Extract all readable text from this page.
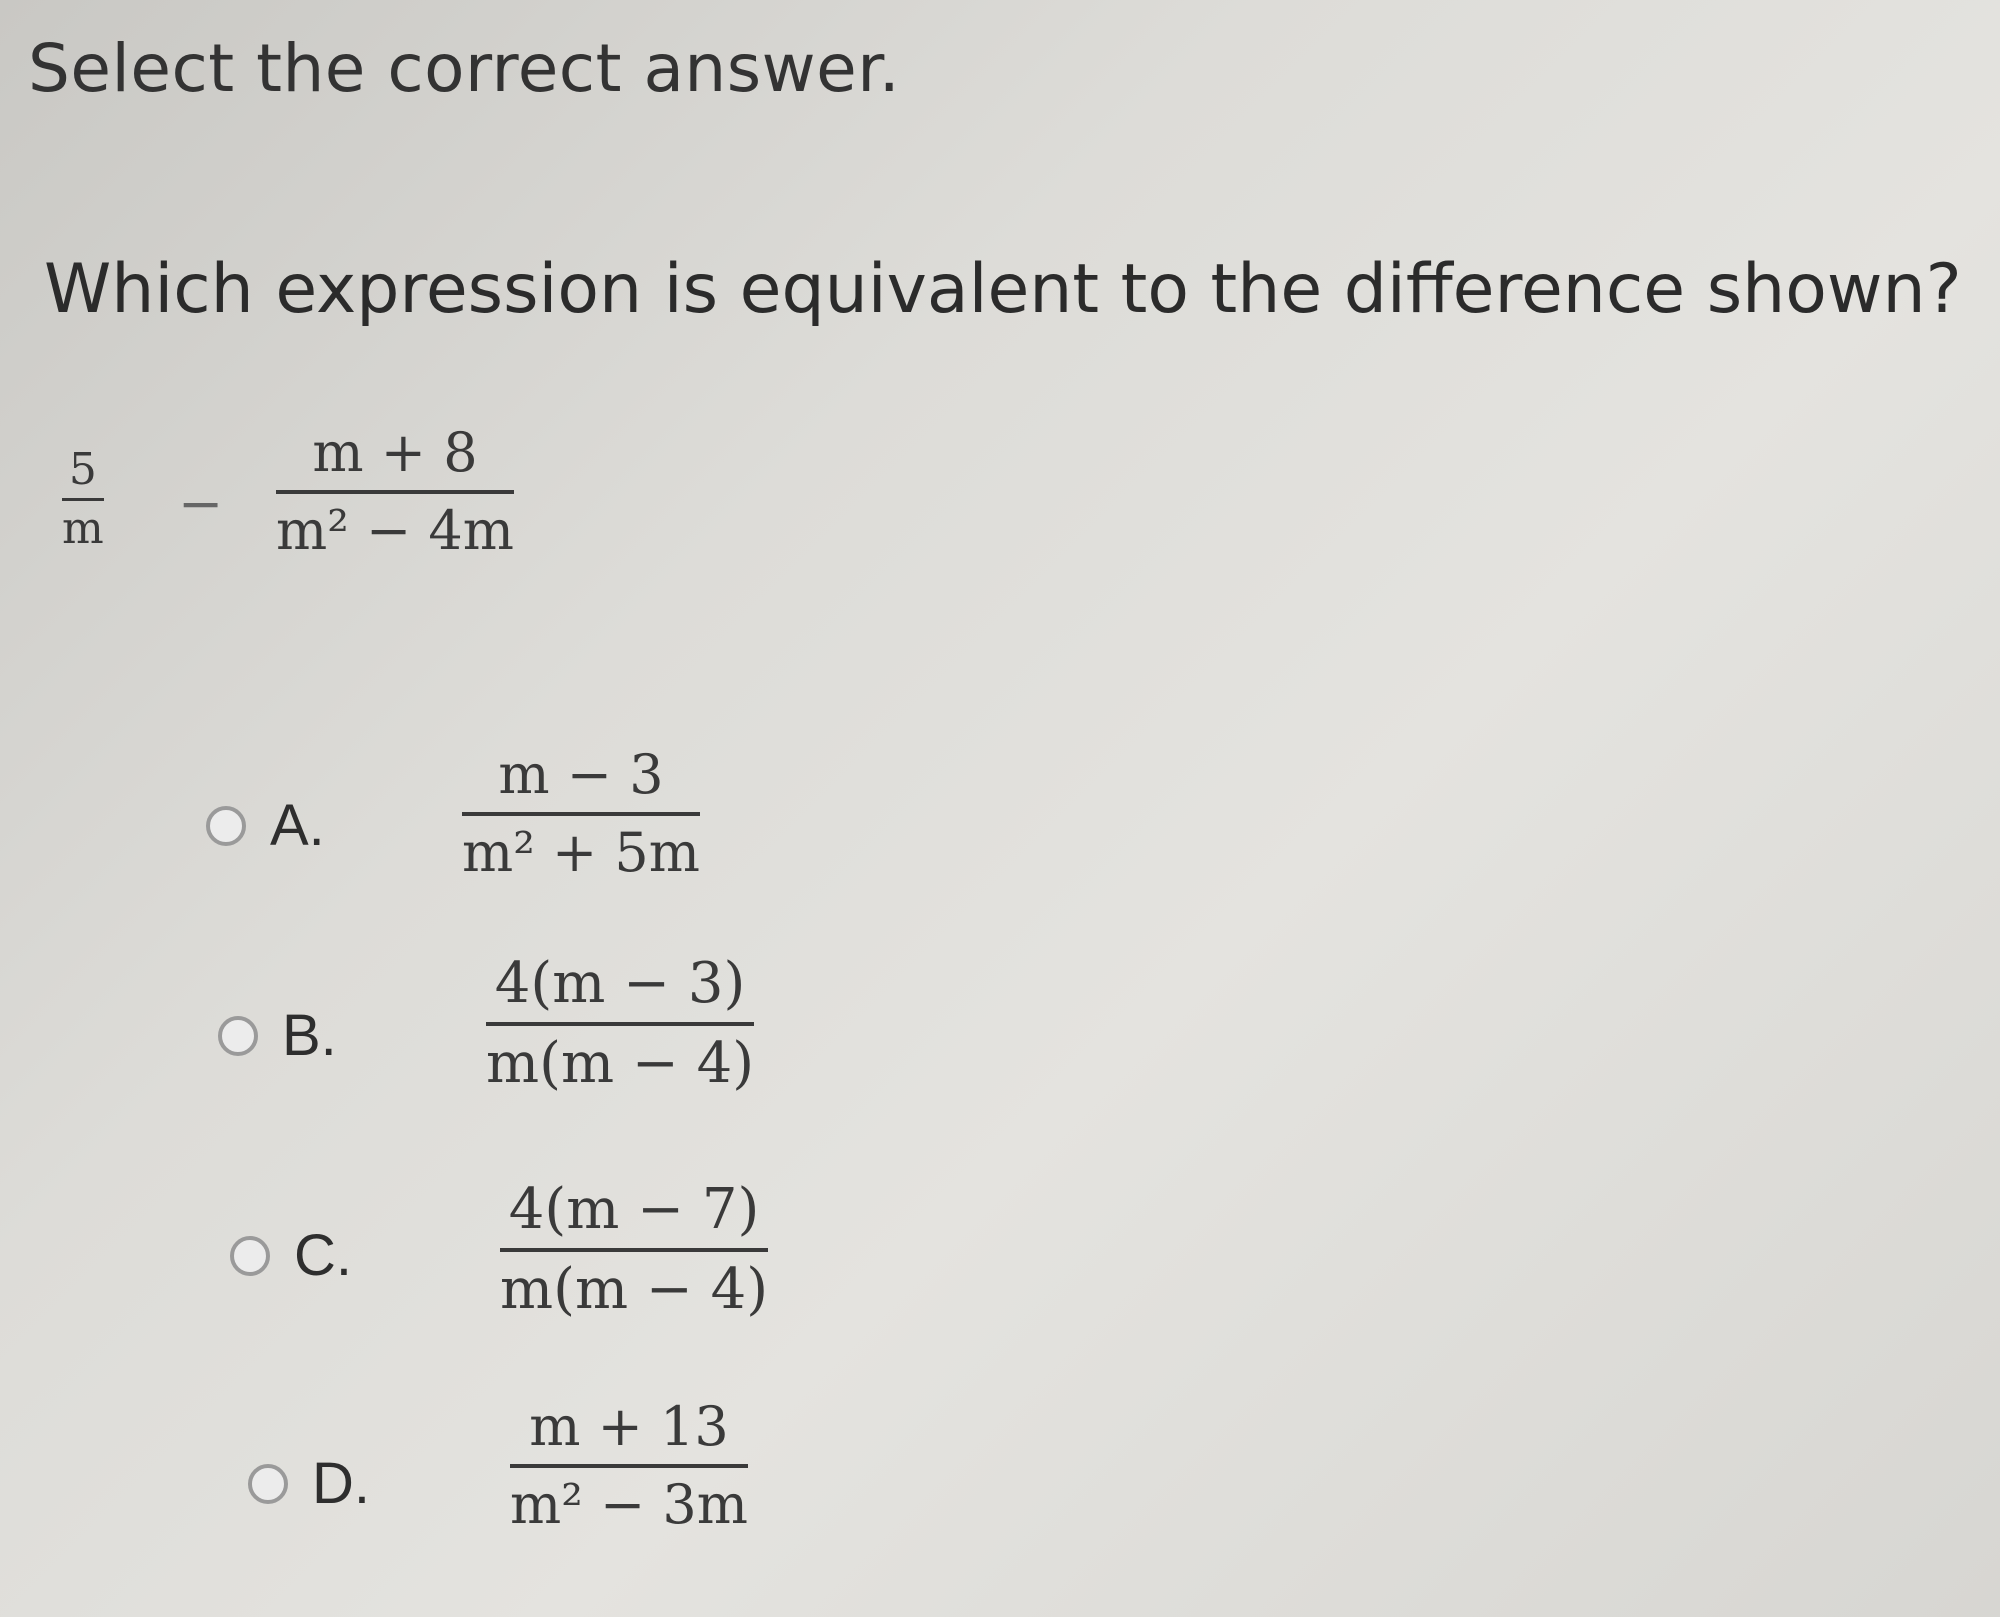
Select the correct answer.
Which expression is equivalent to the difference shown?
5
m −
m + 8
m² − 4m
A.
m − 3
m² + 5m
B.
4(m − 3)
m(m − 4)
C.
4(m − 7)
m(m − 4)
D.
m + 13
m² − 3m
